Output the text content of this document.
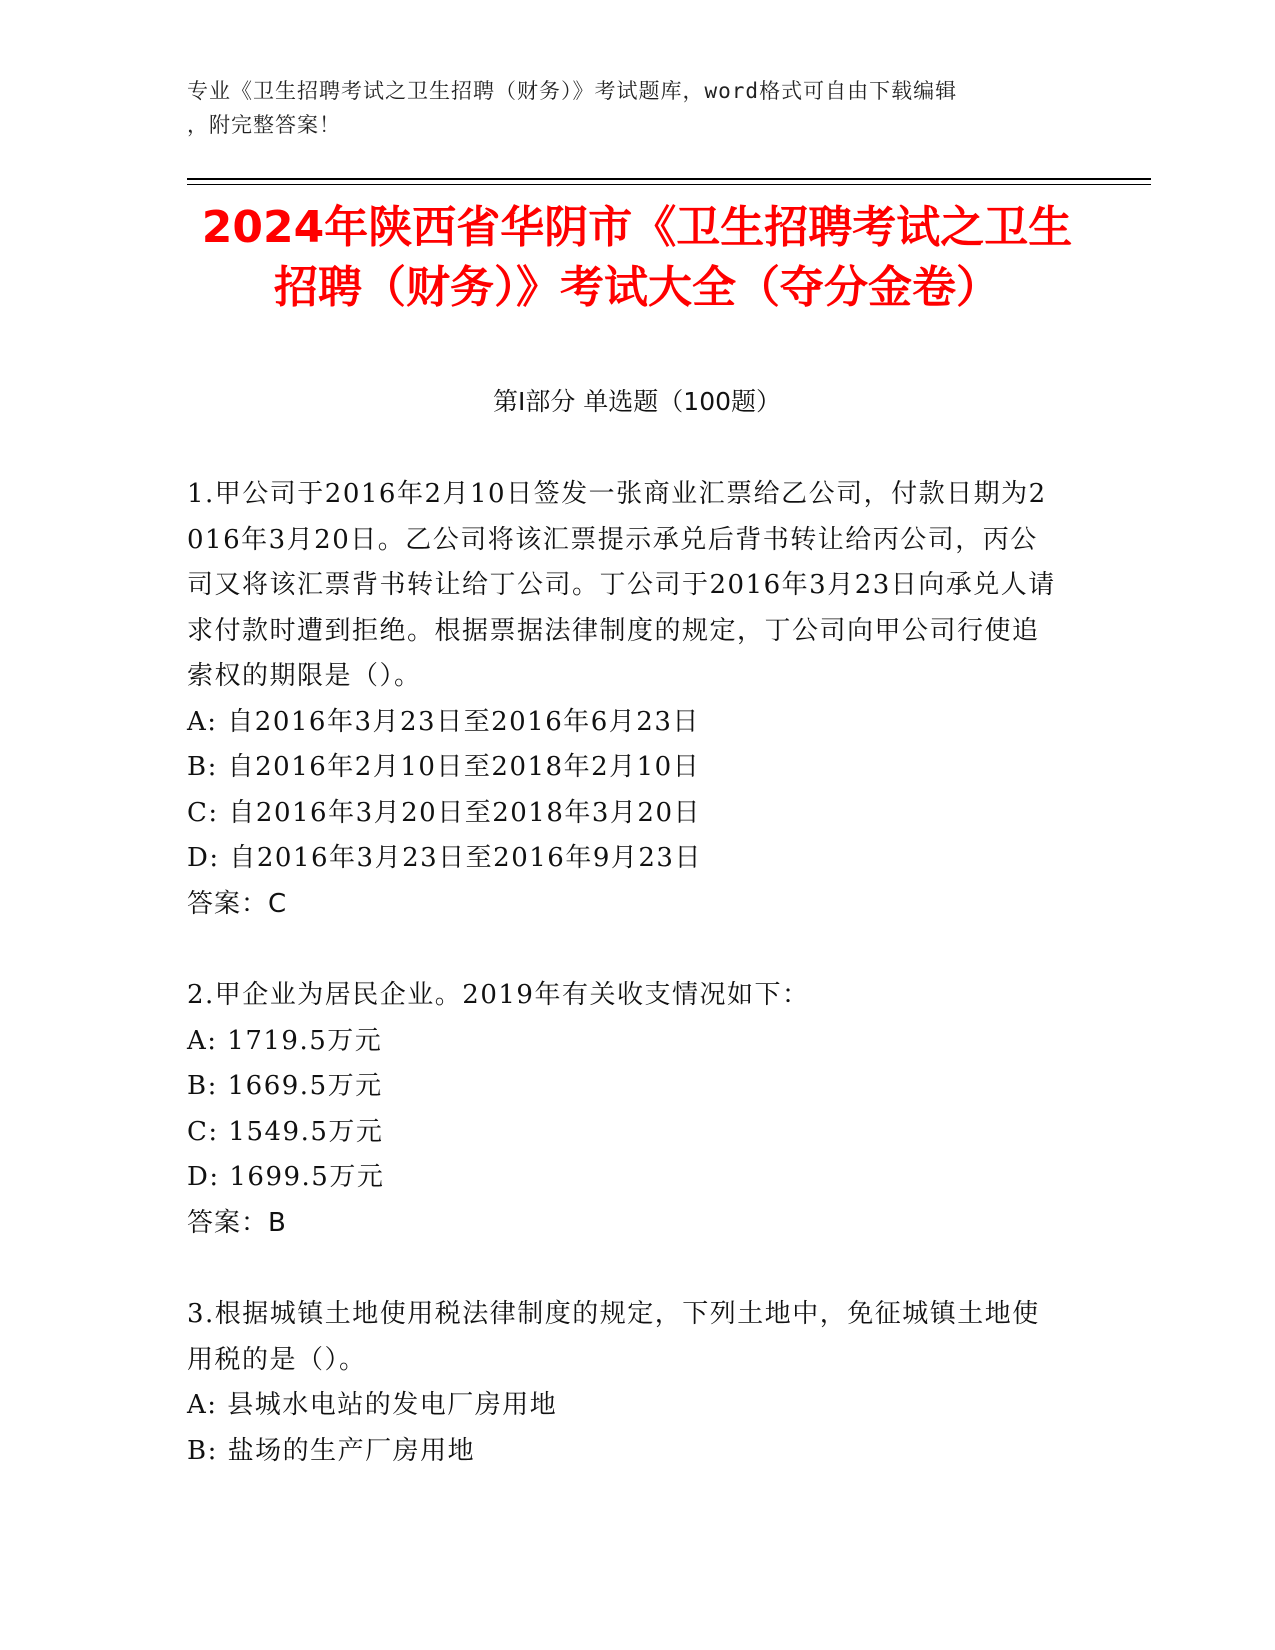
专业《卫生招聘考试之卫生招聘（财务）》考试题库，word格式可自由下载编辑
，附完整答案！
2024年陕西省华阴市《卫生招聘考试之卫生
招聘（财务）》考试大全（夺分金卷）
第Ⅰ部分 单选题（100题）
1.甲公司于2016年2月10日签发一张商业汇票给乙公司，付款日期为2016年3月20日。乙公司将该汇票提示承兑后背书转让给丙公司，丙公司又将该汇票背书转让给丁公司。丁公司于2016年3月23日向承兑人请求付款时遭到拒绝。根据票据法律制度的规定，丁公司向甲公司行使追索权的期限是（）。
A: 自2016年3月23日至2016年6月23日
B: 自2016年2月10日至2018年2月10日
C: 自2016年3月20日至2018年3月20日
D: 自2016年3月23日至2016年9月23日
答案：C
2.甲企业为居民企业。2019年有关收支情况如下：
A: 1719.5万元
B: 1669.5万元
C: 1549.5万元
D: 1699.5万元
答案：B
3.根据城镇土地使用税法律制度的规定，下列土地中，免征城镇土地使用税的是（）。
A: 县城水电站的发电厂房用地
B: 盐场的生产厂房用地
